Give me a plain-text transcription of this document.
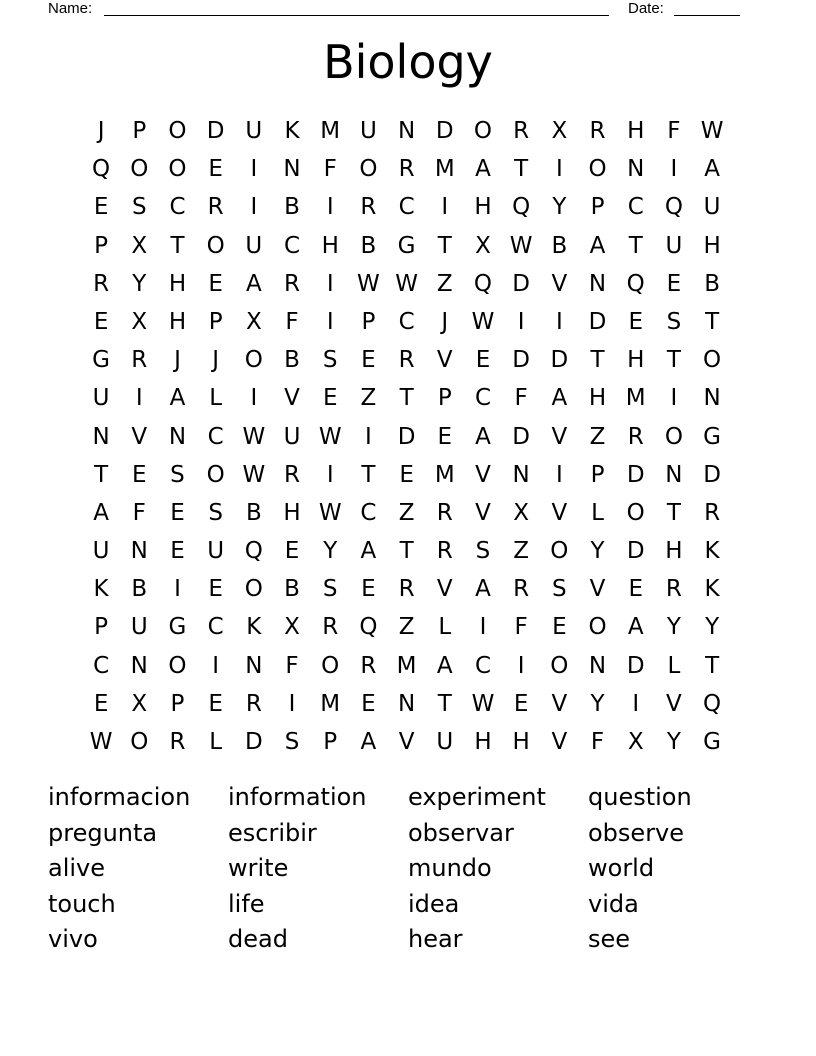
Name:	Date:
Biology
J	P O D U K M U N D O R X R H F W
Q O O E	I	N F O R M A	T	I	O N	I	A
E	S C R	I	B	I	R C	I	H Q Y	P	C Q U
P	X	T O U C H B G T	X W B A	T U H
R	Y H E	A R	I	W W Z Q D V N Q E	B
E	X H P	X	F	I	P	C	J	W	I	I	D E	S	T
G R	J	J	O B S	E R V	E D D T H T O
U	I	A	L	I	V	E	Z	T	P	C	F	A H M	I	N
N V N C W U W	I	D E	A D V Z R O G
T	E	S O W R	I	T	E M V N	I	P D N D
A	F	E	S	B H W C Z R V X V	L O T	R
U N E U Q E	Y	A	T	R S	Z O Y D H K
K B	I	E O B S	E R V A R S	V	E R K
P U G C K X R Q Z	L	I	F	E O A	Y	Y
C N O	I	N F O R M A C	I	O N D L	T
E	X	P	E R	I	M E N T W E	V	Y	I	V Q
W O R	L D S	P	A V U H H V	F	X	Y G
informacion	information	experiment	question
pregunta	escribir	observar	observe
alive	write	mundo	world
touch	life	idea	vida
vivo	dead	hear	see
